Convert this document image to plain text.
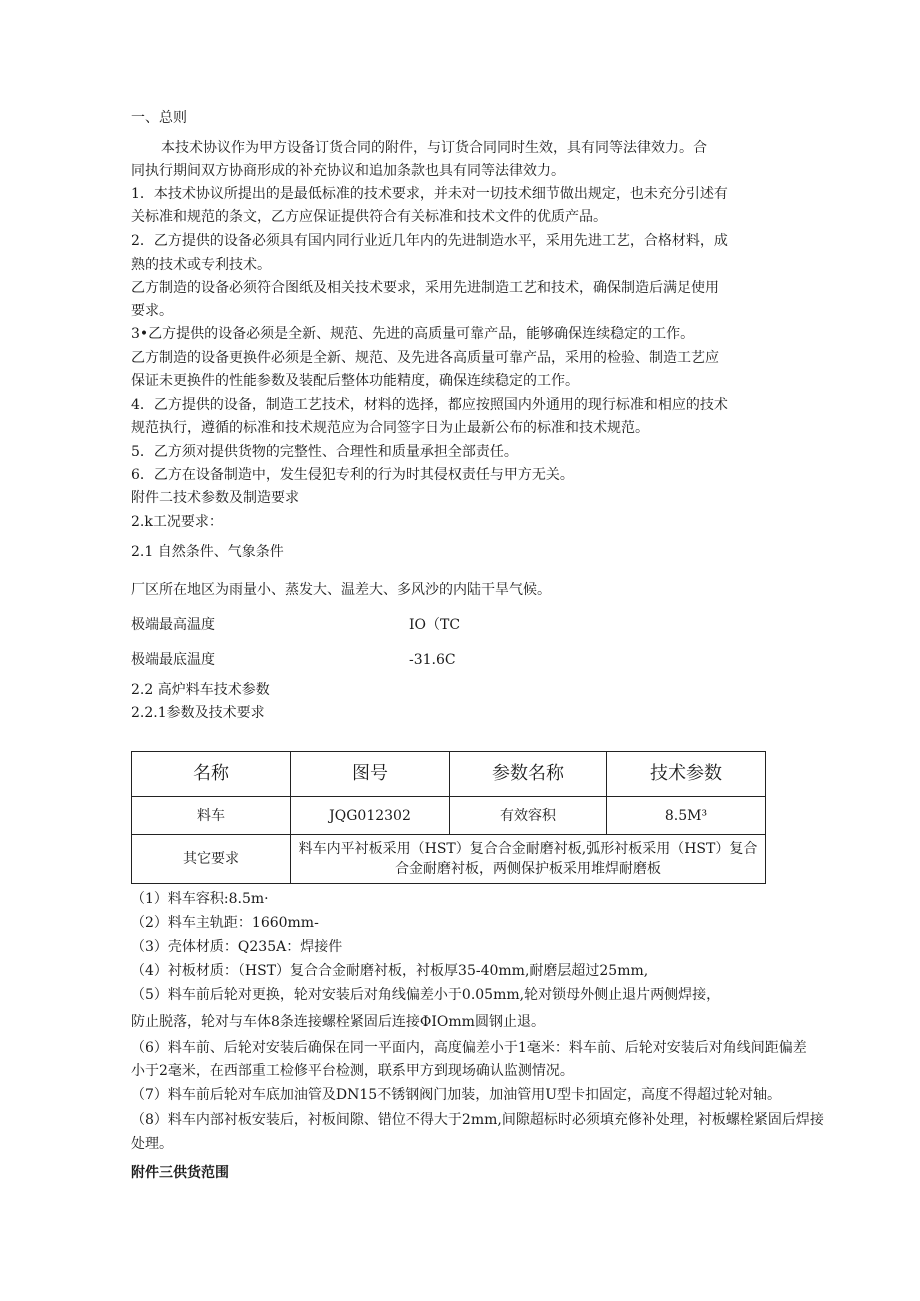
一、总则
本技术协议作为甲方设备订货合同的附件，与订货合同同时生效，具有同等法律效力。合
同执行期间双方协商形成的补充协议和追加条款也具有同等法律效力。
1．本技术协议所提出的是最低标准的技术要求，并未对一切技术细节做出规定，也未充分引述有
关标准和规范的条文，乙方应保证提供符合有关标准和技术文件的优质产品。
2．乙方提供的设备必须具有国内同行业近几年内的先进制造水平，采用先进工艺，合格材料，成
熟的技术或专利技术。
乙方制造的设备必须符合图纸及相关技术要求，采用先进制造工艺和技术，确保制造后满足使用
要求。
3•乙方提供的设备必须是全新、规范、先进的高质量可靠产品，能够确保连续稳定的工作。
乙方制造的设备更换件必须是全新、规范、及先进各高质量可靠产品，采用的检验、制造工艺应
保证未更换件的性能参数及装配后整体功能精度，确保连续稳定的工作。
4．乙方提供的设备，制造工艺技术，材料的选择，都应按照国内外通用的现行标准和相应的技术
规范执行，遵循的标准和技术规范应为合同签字日为止最新公布的标准和技术规范。
5．乙方须对提供货物的完整性、合理性和质量承担全部责任。
6．乙方在设备制造中，发生侵犯专利的行为时其侵权责任与甲方无关。
附件二技术参数及制造要求
2.k工况要求：
2.1 自然条件、气象条件
厂区所在地区为雨量小、蒸发大、温差大、多风沙的内陆干旱气候。
极端最高温度	IO（TC
极端最底温度	-31.6C
2.2 高炉料车技术参数
2.2.1参数及技术要求
名称	图号	参数名称	技术参数
料车	JQG012302	有效容积	8.5M³
其它要求	料车内平衬板采用（HST）复合合金耐磨衬板,弧形衬板采用（HST）复合
合金耐磨衬板，两侧保护板采用堆焊耐磨板		
（1）料车容积:8.5m·
（2）料车主轨距：1660mm-
（3）壳体材质：Q235A：焊接件
（4）衬板材质：（HST）复合合金耐磨衬板，衬板厚35-40mm,耐磨层超过25mm,
（5）料车前后轮对更换，轮对安装后对角线偏差小于0.05mm,轮对锁母外侧止退片两侧焊接，
防止脱落，轮对与车体8条连接螺栓紧固后连接ΦIOmm圆钢止退。
（6）料车前、后轮对安装后确保在同一平面内，高度偏差小于1毫米：料车前、后轮对安装后对角线间距偏差
小于2毫米，在西部重工检修平台检测，联系甲方到现场确认监测情况。
（7）料车前后轮对车底加油管及DN15不锈钢阀门加装，加油管用U型卡扣固定，高度不得超过轮对轴。
（8）料车内部衬板安装后，衬板间隙、错位不得大于2mm,间隙超标时必须填充修补处理，衬板螺栓紧固后焊接
处理。
附件三供货范围
